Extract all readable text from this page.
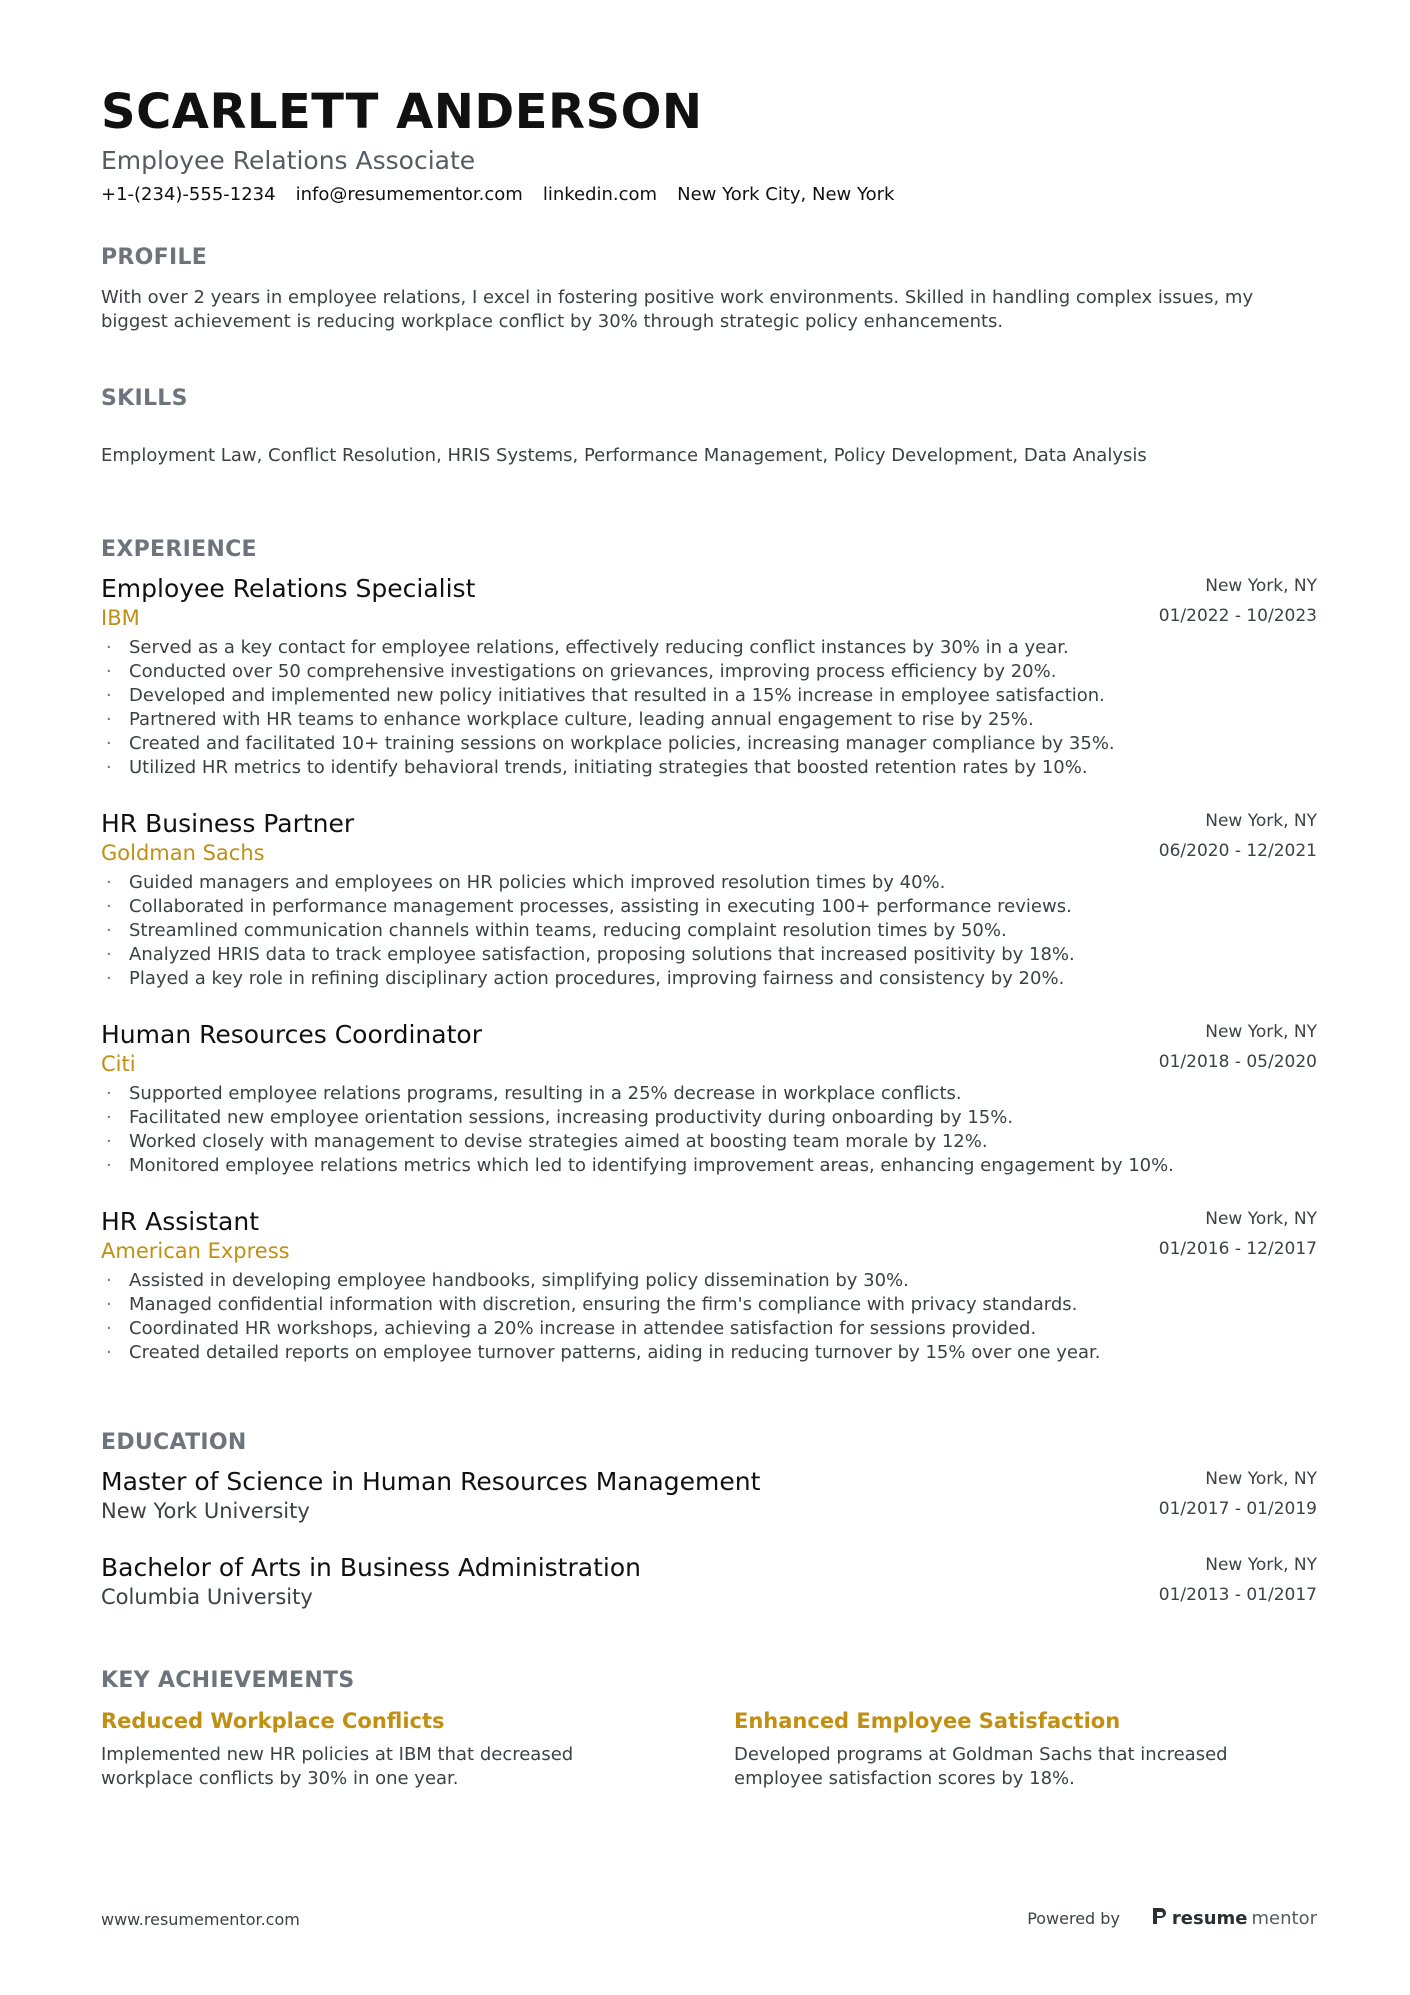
SCARLETT ANDERSON
Employee Relations Associate
+1-(234)-555-1234 info@resumementor.com linkedin.com New York City, New York
PROFILE
With over 2 years in employee relations, I excel in fostering positive work environments. Skilled in handling complex issues, my biggest achievement is reducing workplace conflict by 30% through strategic policy enhancements.
SKILLS
Employment Law, Conflict Resolution, HRIS Systems, Performance Management, Policy Development, Data Analysis
EXPERIENCE
Employee Relations Specialist
IBM
New York, NY
01/2022 - 10/2023
· Served as a key contact for employee relations, effectively reducing conflict instances by 30% in a year.
· Conducted over 50 comprehensive investigations on grievances, improving process efficiency by 20%.
· Developed and implemented new policy initiatives that resulted in a 15% increase in employee satisfaction.
· Partnered with HR teams to enhance workplace culture, leading annual engagement to rise by 25%.
· Created and facilitated 10+ training sessions on workplace policies, increasing manager compliance by 35%.
· Utilized HR metrics to identify behavioral trends, initiating strategies that boosted retention rates by 10%.
HR Business Partner
Goldman Sachs
New York, NY
06/2020 - 12/2021
· Guided managers and employees on HR policies which improved resolution times by 40%.
· Collaborated in performance management processes, assisting in executing 100+ performance reviews.
· Streamlined communication channels within teams, reducing complaint resolution times by 50%.
· Analyzed HRIS data to track employee satisfaction, proposing solutions that increased positivity by 18%.
· Played a key role in refining disciplinary action procedures, improving fairness and consistency by 20%.
Human Resources Coordinator
Citi
New York, NY
01/2018 - 05/2020
· Supported employee relations programs, resulting in a 25% decrease in workplace conflicts.
· Facilitated new employee orientation sessions, increasing productivity during onboarding by 15%.
· Worked closely with management to devise strategies aimed at boosting team morale by 12%.
· Monitored employee relations metrics which led to identifying improvement areas, enhancing engagement by 10%.
HR Assistant
American Express
New York, NY
01/2016 - 12/2017
· Assisted in developing employee handbooks, simplifying policy dissemination by 30%.
· Managed confidential information with discretion, ensuring the firm's compliance with privacy standards.
· Coordinated HR workshops, achieving a 20% increase in attendee satisfaction for sessions provided.
· Created detailed reports on employee turnover patterns, aiding in reducing turnover by 15% over one year.
EDUCATION
Master of Science in Human Resources Management
New York University
New York, NY
01/2017 - 01/2019
Bachelor of Arts in Business Administration
Columbia University
New York, NY
01/2013 - 01/2017
KEY ACHIEVEMENTS
Reduced Workplace Conflicts
Implemented new HR policies at IBM that decreased workplace conflicts by 30% in one year.
Enhanced Employee Satisfaction
Developed programs at Goldman Sachs that increased employee satisfaction scores by 18%.
www.resumementor.com	Powered by	resume mentor
